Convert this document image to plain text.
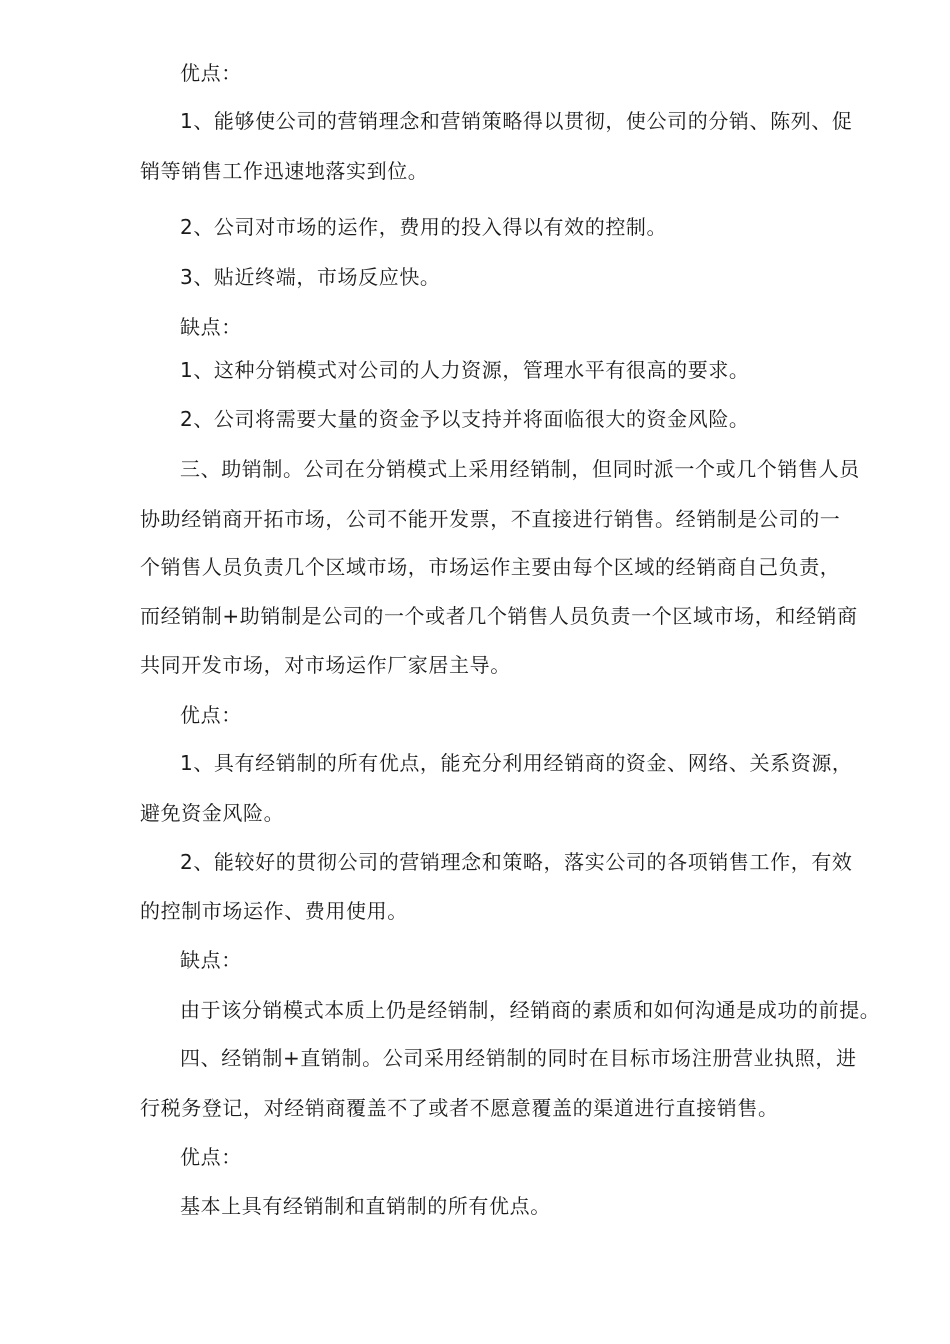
优点：
1、能够使公司的营销理念和营销策略得以贯彻，使公司的分销、陈列、促
销等销售工作迅速地落实到位。
2、公司对市场的运作，费用的投入得以有效的控制。
3、贴近终端，市场反应快。
缺点：
1、这种分销模式对公司的人力资源，管理水平有很高的要求。
2、公司将需要大量的资金予以支持并将面临很大的资金风险。
三、助销制。公司在分销模式上采用经销制，但同时派一个或几个销售人员
协助经销商开拓市场，公司不能开发票，不直接进行销售。经销制是公司的一
个销售人员负责几个区域市场，市场运作主要由每个区域的经销商自己负责，
而经销制+助销制是公司的一个或者几个销售人员负责一个区域市场，和经销商
共同开发市场，对市场运作厂家居主导。
优点：
1、具有经销制的所有优点，能充分利用经销商的资金、网络、关系资源，
避免资金风险。
2、能较好的贯彻公司的营销理念和策略，落实公司的各项销售工作，有效
的控制市场运作、费用使用。
缺点：
由于该分销模式本质上仍是经销制，经销商的素质和如何沟通是成功的前提。
四、经销制+直销制。公司采用经销制的同时在目标市场注册营业执照，进
行税务登记，对经销商覆盖不了或者不愿意覆盖的渠道进行直接销售。
优点：
基本上具有经销制和直销制的所有优点。
